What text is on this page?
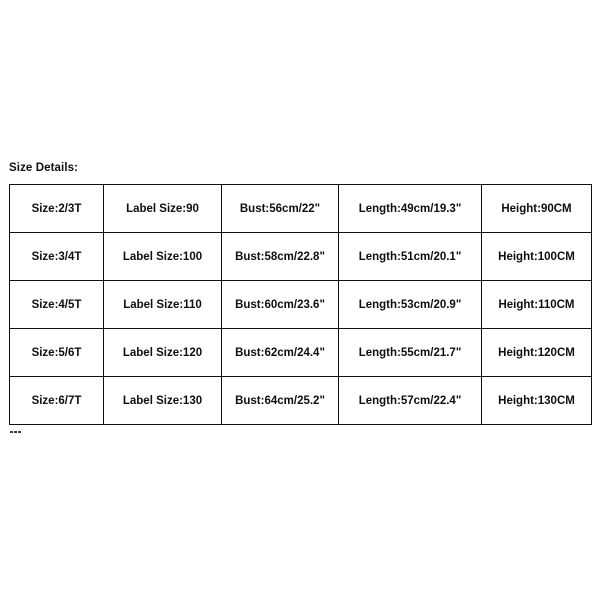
Size Details:
Size:2/3T	Label Size:90	Bust:56cm/22"	Length:49cm/19.3"	Height:90CM
Size:3/4T	Label Size:100	Bust:58cm/22.8"	Length:51cm/20.1"	Height:100CM
Size:4/5T	Label Size:110	Bust:60cm/23.6"	Length:53cm/20.9"	Height:110CM
Size:5/6T	Label Size:120	Bust:62cm/24.4"	Length:55cm/21.7"	Height:120CM
Size:6/7T	Label Size:130	Bust:64cm/25.2"	Length:57cm/22.4"	Height:130CM
